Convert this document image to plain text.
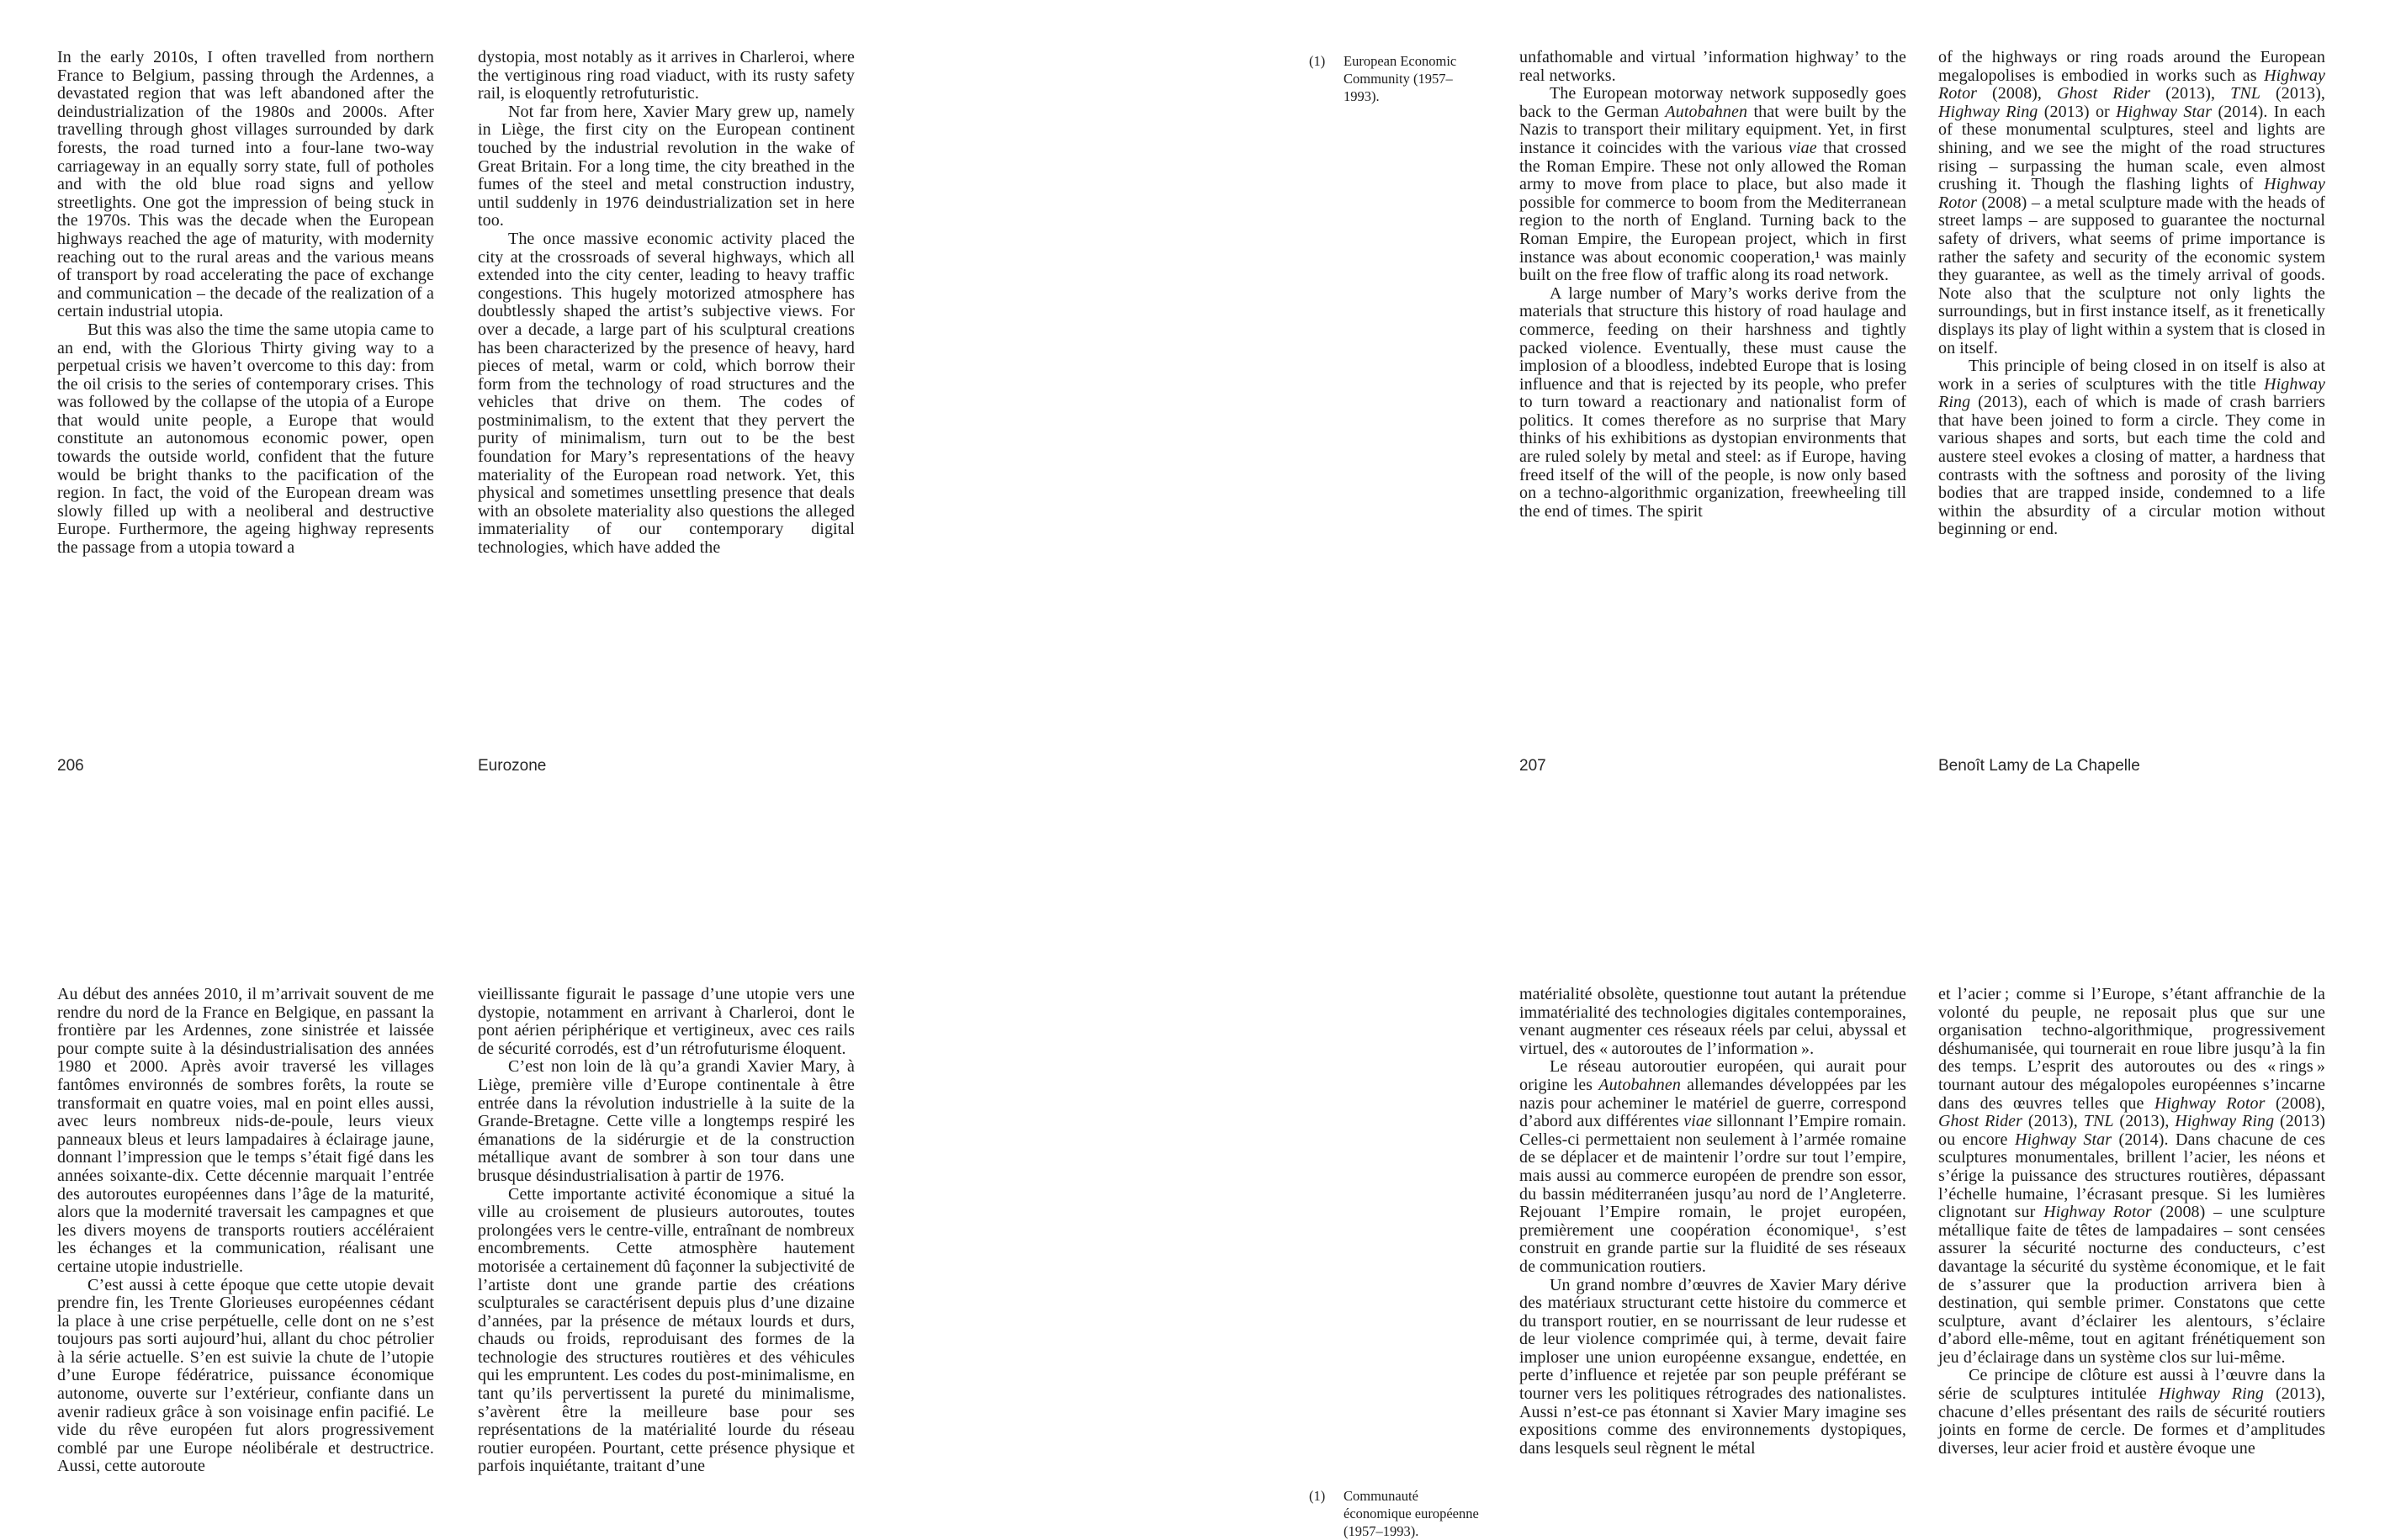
In the early 2010s, I often travelled from northern France to Belgium, passing through the Ardennes, a devastated region that was left abandoned after the deindustrialization of the 1980s and 2000s. After travelling through ghost villages surrounded by dark forests, the road turned into a four-lane two-way carriageway in an equally sorry state, full of potholes and with the old blue road signs and yellow streetlights. One got the impression of being stuck in the 1970s. This was the decade when the European highways reached the age of maturity, with modernity reaching out to the rural areas and the various means of transport by road accelerating the pace of exchange and communication – the decade of the realization of a certain industrial utopia.

But this was also the time the same utopia came to an end, with the Glorious Thirty giving way to a perpetual crisis we haven’t overcome to this day: from the oil crisis to the series of contemporary crises. This was followed by the collapse of the utopia of a Europe that would unite people, a Europe that would constitute an autonomous economic power, open towards the outside world, confident that the future would be bright thanks to the pacification of the region. In fact, the void of the European dream was slowly filled up with a neoliberal and destructive Europe. Furthermore, the ageing highway represents the passage from a utopia toward a

dystopia, most notably as it arrives in Charleroi, where the vertiginous ring road viaduct, with its rusty safety rail, is eloquently retrofuturistic.

Not far from here, Xavier Mary grew up, namely in Liège, the first city on the European continent touched by the industrial revolution in the wake of Great Britain. For a long time, the city breathed in the fumes of the steel and metal construction industry, until suddenly in 1976 deindustrialization set in here too.

The once massive economic activity placed the city at the crossroads of several highways, which all extended into the city center, leading to heavy traffic congestions. This hugely motorized atmosphere has doubtlessly shaped the artist’s subjective views. For over a decade, a large part of his sculptural creations has been characterized by the presence of heavy, hard pieces of metal, warm or cold, which borrow their form from the technology of road structures and the vehicles that drive on them. The codes of postminimalism, to the extent that they pervert the purity of minimalism, turn out to be the best foundation for Mary’s representations of the heavy materiality of the European road network. Yet, this physical and sometimes unsettling presence that deals with an obsolete materiality also questions the alleged immateriality of our contemporary digital technologies, which have added the

unfathomable and virtual ’information highway’ to the real networks.

The European motorway network supposedly goes back to the German Autobahnen that were built by the Nazis to transport their military equipment. Yet, in first instance it coincides with the various viae that crossed the Roman Empire. These not only allowed the Roman army to move from place to place, but also made it possible for commerce to boom from the Mediterranean region to the north of England. Turning back to the Roman Empire, the European project, which in first instance was about economic cooperation,¹ was mainly built on the free flow of traffic along its road network.

A large number of Mary’s works derive from the materials that structure this history of road haulage and commerce, feeding on their harshness and tightly packed violence. Eventually, these must cause the implosion of a bloodless, indebted Europe that is losing influence and that is rejected by its people, who prefer to turn toward a reactionary and nationalist form of politics. It comes therefore as no surprise that Mary thinks of his exhibitions as dystopian environments that are ruled solely by metal and steel: as if Europe, having freed itself of the will of the people, is now only based on a techno-algorithmic organization, freewheeling till the end of times. The spirit

of the highways or ring roads around the European megalopolises is embodied in works such as Highway Rotor (2008), Ghost Rider (2013), TNL (2013), Highway Ring (2013) or Highway Star (2014). In each of these monumental sculptures, steel and lights are shining, and we see the might of the road structures rising – surpassing the human scale, even almost crushing it. Though the flashing lights of Highway Rotor (2008) – a metal sculpture made with the heads of street lamps – are supposed to guarantee the nocturnal safety of drivers, what seems of prime importance is rather the safety and security of the economic system they guarantee, as well as the timely arrival of goods. Note also that the sculpture not only lights the surroundings, but in first instance itself, as it frenetically displays its play of light within a system that is closed in on itself.

This principle of being closed in on itself is also at work in a series of sculptures with the title Highway Ring (2013), each of which is made of crash barriers that have been joined to form a circle. They come in various shapes and sorts, but each time the cold and austere steel evokes a closing of matter, a hardness that contrasts with the softness and porosity of the living bodies that are trapped inside, condemned to a life within the absurdity of a circular motion without beginning or end.

(1)	European Economic Community (1957–1993).
206	Eurozone	207	Benoît Lamy de La Chapelle

Au début des années 2010, il m’arrivait souvent de me rendre du nord de la France en Belgique, en passant la frontière par les Ardennes, zone sinistrée et laissée pour compte suite à la désindustrialisation des années 1980 et 2000. Après avoir traversé les villages fantômes environnés de sombres forêts, la route se transformait en quatre voies, mal en point elles aussi, avec leurs nombreux nids-de-poule, leurs vieux panneaux bleus et leurs lampadaires à éclairage jaune, donnant l’impression que le temps s’était figé dans les années soixante-dix. Cette décennie marquait l’entrée des autoroutes européennes dans l’âge de la maturité, alors que la modernité traversait les campagnes et que les divers moyens de transports routiers accéléraient les échanges et la communication, réalisant une certaine utopie industrielle.

C’est aussi à cette époque que cette utopie devait prendre fin, les Trente Glorieuses européennes cédant la place à une crise perpétuelle, celle dont on ne s’est toujours pas sorti aujourd’hui, allant du choc pétrolier à la série actuelle. S’en est suivie la chute de l’utopie d’une Europe fédératrice, puissance économique autonome, ouverte sur l’extérieur, confiante dans un avenir radieux grâce à son voisinage enfin pacifié. Le vide du rêve européen fut alors progressivement comblé par une Europe néolibérale et destructrice. Aussi, cette autoroute

vieillissante figurait le passage d’une utopie vers une dystopie, notamment en arrivant à Charleroi, dont le pont aérien périphérique et vertigineux, avec ces rails de sécurité corrodés, est d’un rétrofuturisme éloquent.

C’est non loin de là qu’a grandi Xavier Mary, à Liège, première ville d’Europe continentale à être entrée dans la révolution industrielle à la suite de la Grande-Bretagne. Cette ville a longtemps respiré les émanations de la sidérurgie et de la construction métallique avant de sombrer à son tour dans une brusque désindustrialisation à partir de 1976.

Cette importante activité économique a situé la ville au croisement de plusieurs autoroutes, toutes prolongées vers le centre-ville, entraînant de nombreux encombrements. Cette atmosphère hautement motorisée a certainement dû façonner la subjectivité de l’artiste dont une grande partie des créations sculpturales se caractérisent depuis plus d’une dizaine d’années, par la présence de métaux lourds et durs, chauds ou froids, reproduisant des formes de la technologie des structures routières et des véhicules qui les empruntent. Les codes du post-minimalisme, en tant qu’ils pervertissent la pureté du minimalisme, s’avèrent être la meilleure base pour ses représentations de la matérialité lourde du réseau routier européen. Pourtant, cette présence physique et parfois inquiétante, traitant d’une

matérialité obsolète, questionne tout autant la prétendue immatérialité des technologies digitales contemporaines, venant augmenter ces réseaux réels par celui, abyssal et virtuel, des « autoroutes de l’information ».

Le réseau autoroutier européen, qui aurait pour origine les Autobahnen allemandes développées par les nazis pour acheminer le matériel de guerre, correspond d’abord aux différentes viae sillonnant l’Empire romain. Celles-ci permettaient non seulement à l’armée romaine de se déplacer et de maintenir l’ordre sur tout l’empire, mais aussi au commerce européen de prendre son essor, du bassin méditerranéen jusqu’au nord de l’Angleterre. Rejouant l’Empire romain, le projet européen, premièrement une coopération économique¹, s’est construit en grande partie sur la fluidité de ses réseaux de communication routiers.

Un grand nombre d’œuvres de Xavier Mary dérive des matériaux structurant cette histoire du commerce et du transport routier, en se nourrissant de leur rudesse et de leur violence comprimée qui, à terme, devait faire imploser une union européenne exsangue, endettée, en perte d’influence et rejetée par son peuple préférant se tourner vers les politiques rétrogrades des nationalistes. Aussi n’est-ce pas étonnant si Xavier Mary imagine ses expositions comme des environnements dystopiques, dans lesquels seul règnent le métal

et l’acier ; comme si l’Europe, s’étant affranchie de la volonté du peuple, ne reposait plus que sur une organisation techno-algorithmique, progressivement déshumanisée, qui tournerait en roue libre jusqu’à la fin des temps. L’esprit des autoroutes ou des « rings » tournant autour des mégalopoles européennes s’incarne dans des œuvres telles que Highway Rotor (2008), Ghost Rider (2013), TNL (2013), Highway Ring (2013) ou encore Highway Star (2014). Dans chacune de ces sculptures monumentales, brillent l’acier, les néons et s’érige la puissance des structures routières, dépassant l’échelle humaine, l’écrasant presque. Si les lumières clignotant sur Highway Rotor (2008) – une sculpture métallique faite de têtes de lampadaires – sont censées assurer la sécurité nocturne des conducteurs, c’est davantage la sécurité du système économique, et le fait de s’assurer que la production arrivera bien à destination, qui semble primer. Constatons que cette sculpture, avant d’éclairer les alentours, s’éclaire d’abord elle-même, tout en agitant frénétiquement son jeu d’éclairage dans un système clos sur lui-même.

Ce principe de clôture est aussi à l’œuvre dans la série de sculptures intitulée Highway Ring (2013), chacune d’elles présentant des rails de sécurité routiers joints en forme de cercle. De formes et d’amplitudes diverses, leur acier froid et austère évoque une

(1)	Communauté économique européenne (1957–1993).
